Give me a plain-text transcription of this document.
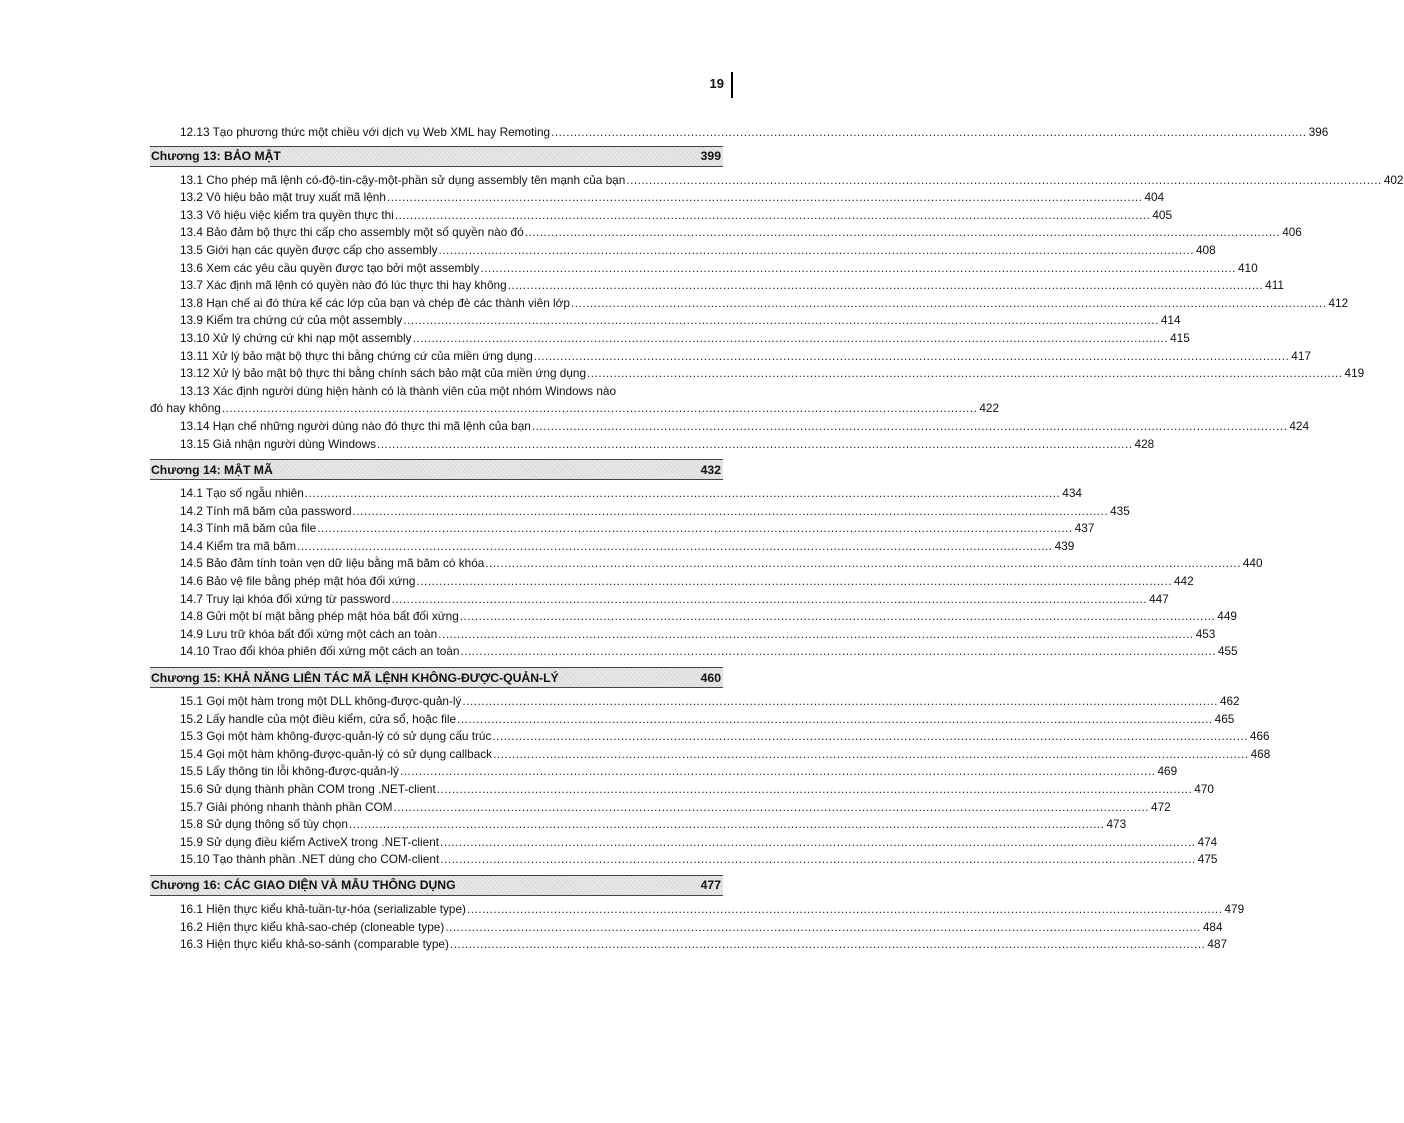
19
12.13 Tạo phương thức một chiều với dịch vụ Web XML hay Remoting .....	396
Chương 13: BẢO MẬT	399
13.1 Cho phép mã lệnh có-độ-tin-cậy-một-phần sử dụng assembly tên mạnh của bạn .....	402
13.2 Vô hiệu bảo mật truy xuất mã lệnh .....	404
13.3 Vô hiệu việc kiểm tra quyền thực thi .....	405
13.4 Bảo đảm bộ thực thi cấp cho assembly một số quyền nào đó .....	406
13.5 Giới hạn các quyền được cấp cho assembly .....	408
13.6 Xem các yêu cầu quyền được tạo bởi một assembly .....	410
13.7 Xác định mã lệnh có quyền nào đó lúc thực thi hay không .....	411
13.8 Hạn chế ai đó thừa kế các lớp của bạn và chép đè các thành viên lớp .....	412
13.9 Kiểm tra chứng cứ của một assembly .....	414
13.10 Xử lý chứng cứ khi nạp một assembly .....	415
13.11 Xử lý bảo mật bộ thực thi bằng chứng cứ của miền ứng dụng .....	417
13.12 Xử lý bảo mật bộ thực thi bằng chính sách bảo mật của miền ứng dụng .....	419
13.13 Xác định người dùng hiện hành có là thành viên của một nhóm Windows nào
đó hay không .....	422
13.14 Hạn chế những người dùng nào đó thực thi mã lệnh của bạn .....	424
13.15 Giả nhận người dùng Windows .....	428
Chương 14: MẬT MÃ	432
14.1 Tạo số ngẫu nhiên .....	434
14.2 Tính mã băm của password .....	435
14.3 Tính mã băm của file .....	437
14.4 Kiểm tra mã băm .....	439
14.5 Bảo đảm tính toàn vẹn dữ liệu bằng mã băm có khóa .....	440
14.6 Bảo vệ file bằng phép mật hóa đối xứng .....	442
14.7 Truy lại khóa đối xứng từ password .....	447
14.8 Gửi một bí mật bằng phép mật hóa bất đối xứng .....	449
14.9 Lưu trữ khóa bất đối xứng một cách an toàn .....	453
14.10 Trao đổi khóa phiên đối xứng một cách an toàn .....	455
Chương 15: KHẢ NĂNG LIÊN TÁC MÃ LỆNH KHÔNG-ĐƯỢC-QUẢN-LÝ	460
15.1 Gọi một hàm trong một DLL không-được-quản-lý .....	462
15.2 Lấy handle của một điều kiểm, cửa sổ, hoặc file .....	465
15.3 Gọi một hàm không-được-quản-lý có sử dụng cấu trúc .....	466
15.4 Gọi một hàm không-được-quản-lý có sử dụng callback .....	468
15.5 Lấy thông tin lỗi không-được-quản-lý .....	469
15.6 Sử dụng thành phần COM trong .NET-client .....	470
15.7 Giải phóng nhanh thành phần COM .....	472
15.8 Sử dụng thông số tùy chọn .....	473
15.9 Sử dụng điều kiểm ActiveX trong .NET-client .....	474
15.10 Tạo thành phần .NET dùng cho COM-client .....	475
Chương 16: CÁC GIAO DIỆN VÀ MẪU THÔNG DỤNG	477
16.1 Hiện thực kiểu khả-tuần-tự-hóa (serializable type) .....	479
16.2 Hiện thực kiểu khả-sao-chép (cloneable type) .....	484
16.3 Hiện thực kiểu khả-so-sánh (comparable type) .....	487
